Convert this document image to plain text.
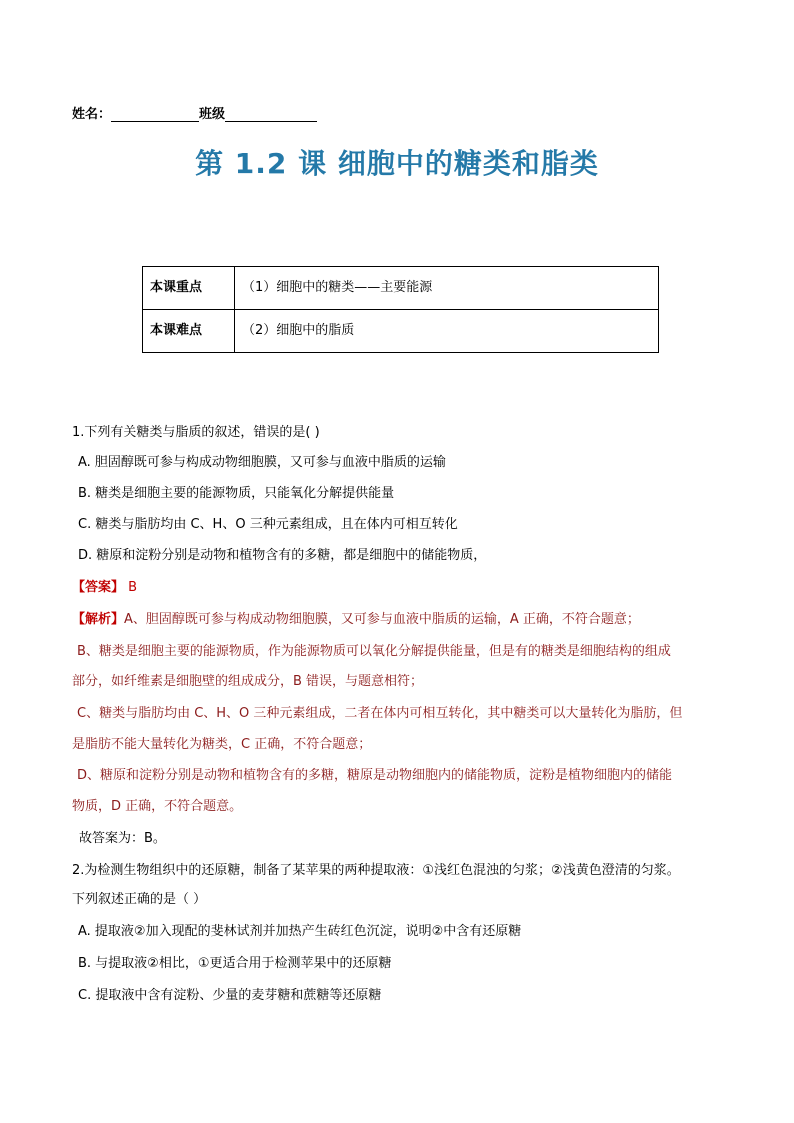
姓名：	班级
第 1.2 课 细胞中的糖类和脂类
本课重点	（1）细胞中的糖类——主要能源
本课难点	（2）细胞中的脂质
1.下列有关糖类与脂质的叙述，错误的是( )
A. 胆固醇既可参与构成动物细胞膜，又可参与血液中脂质的运输
B. 糖类是细胞主要的能源物质，只能氧化分解提供能量
C. 糖类与脂肪均由 C、H、O 三种元素组成，且在体内可相互转化
D. 糖原和淀粉分别是动物和植物含有的多糖，都是细胞中的储能物质，
【答案】 B
【解析】A、胆固醇既可参与构成动物细胞膜，又可参与血液中脂质的运输，A 正确，不符合题意；
B、糖类是细胞主要的能源物质，作为能源物质可以氧化分解提供能量，但是有的糖类是细胞结构的组成
部分，如纤维素是细胞壁的组成成分，B 错误，与题意相符；
C、糖类与脂肪均由 C、H、O 三种元素组成，二者在体内可相互转化，其中糖类可以大量转化为脂肪，但
是脂肪不能大量转化为糖类，C 正确，不符合题意；
D、糖原和淀粉分别是动物和植物含有的多糖，糖原是动物细胞内的储能物质，淀粉是植物细胞内的储能
物质，D 正确，不符合题意。
故答案为：B。
2.为检测生物组织中的还原糖，制备了某苹果的两种提取液：①浅红色混浊的匀浆；②浅黄色澄清的匀浆。
下列叙述正确的是（ ）
A. 提取液②加入现配的斐林试剂并加热产生砖红色沉淀，说明②中含有还原糖
B. 与提取液②相比，①更适合用于检测苹果中的还原糖
C. 提取液中含有淀粉、少量的麦芽糖和蔗糖等还原糖
